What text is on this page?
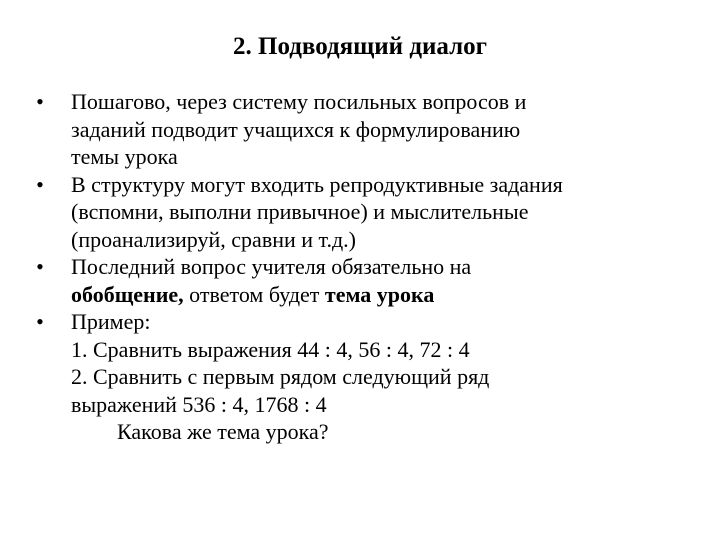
2. Подводящий диалог
• Пошагово, через систему посильных вопросов и
заданий подводит учащихся к формулированию
темы урока
• В структуру могут входить репродуктивные задания
(вспомни, выполни привычное) и мыслительные
(проанализируй, сравни и т.д.)
• Последний вопрос учителя обязательно на
обобщение, ответом будет тема урока
• Пример:
1. Сравнить выражения 44 : 4, 56 : 4, 72 : 4
2. Сравнить с первым рядом следующий ряд
выражений 536 : 4, 1768 : 4
Какова же тема урока?
